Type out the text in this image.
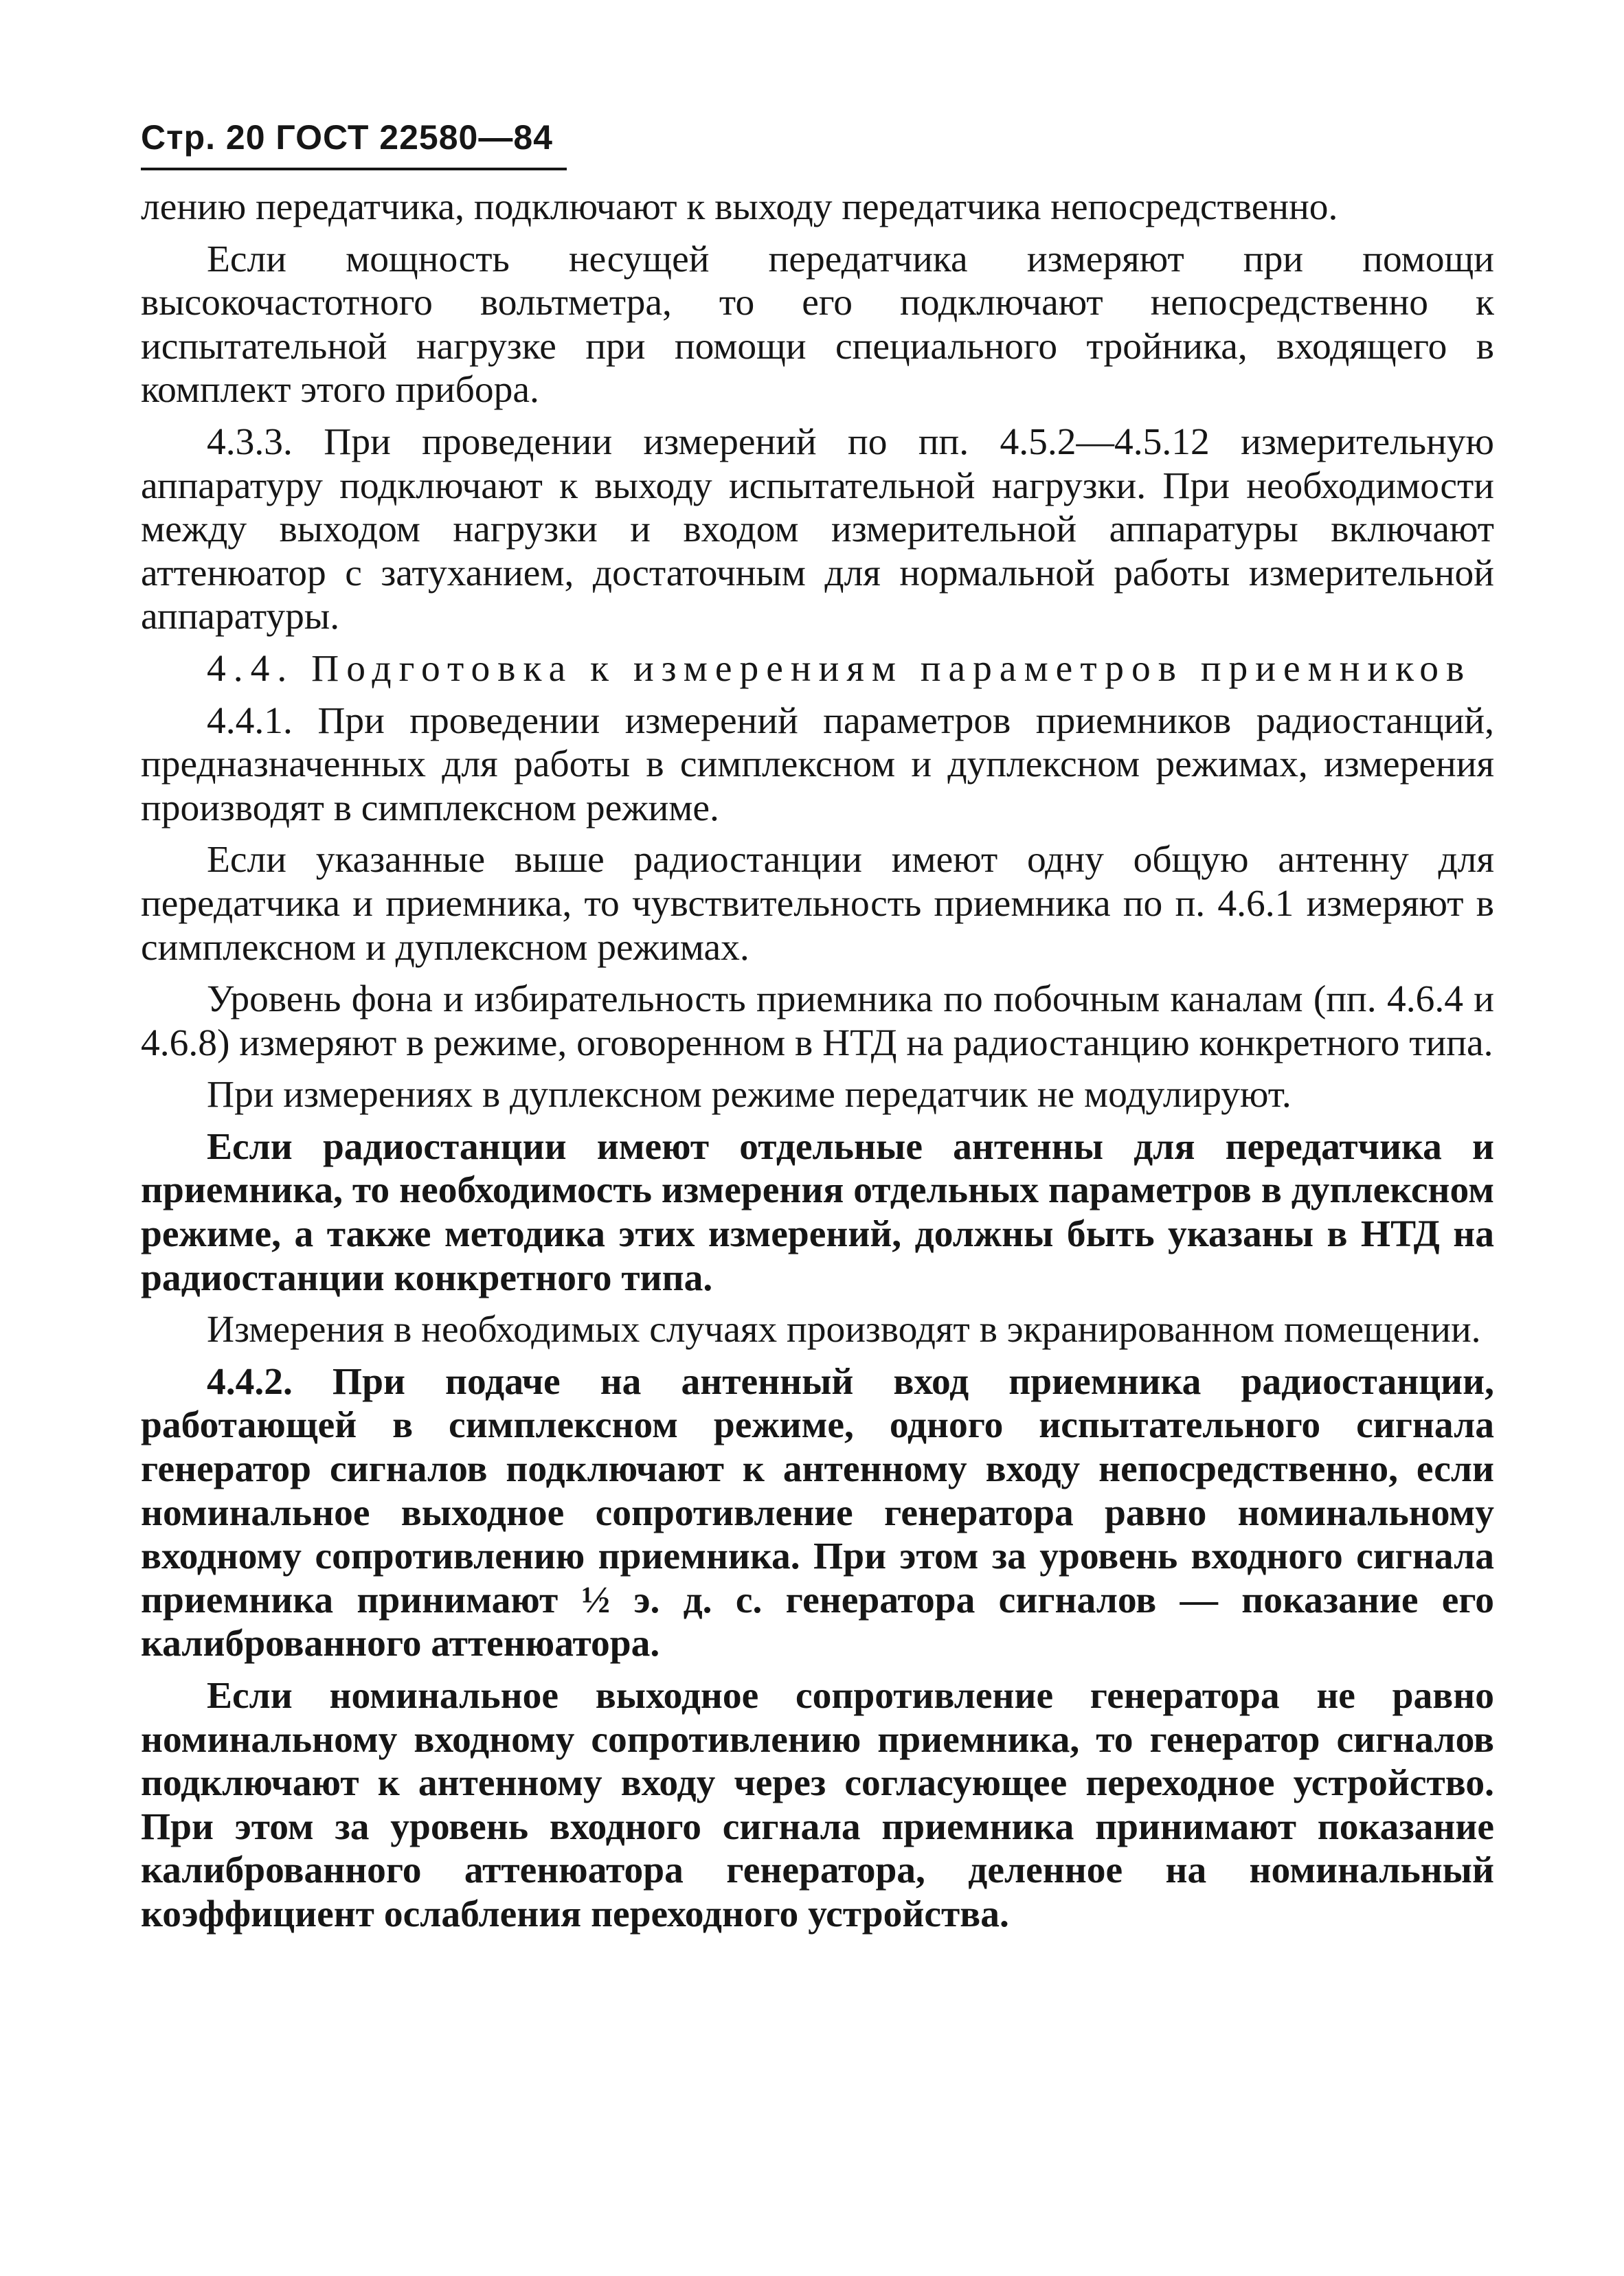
Стр. 20 ГОСТ 22580—84

лению передатчика, подключают к выходу передатчика непосредственно.

Если мощность несущей передатчика измеряют при помощи высокочастотного вольтметра, то его подключают непосредственно к испытательной нагрузке при помощи специального тройника, входящего в комплект этого прибора.

4.3.3. При проведении измерений по пп. 4.5.2—4.5.12 измерительную аппаратуру подключают к выходу испытательной нагрузки. При необходимости между выходом нагрузки и входом измерительной аппаратуры включают аттенюатор с затуханием, достаточным для нормальной работы измерительной аппаратуры.

4.4. Подготовка к измерениям параметров приемников

4.4.1. При проведении измерений параметров приемников радиостанций, предназначенных для работы в симплексном и дуплексном режимах, измерения производят в симплексном режиме.

Если указанные выше радиостанции имеют одну общую антенну для передатчика и приемника, то чувствительность приемника по п. 4.6.1 измеряют в симплексном и дуплексном режимах.

Уровень фона и избирательность приемника по побочным каналам (пп. 4.6.4 и 4.6.8) измеряют в режиме, оговоренном в НТД на радиостанцию конкретного типа.

При измерениях в дуплексном режиме передатчик не модулируют.

Если радиостанции имеют отдельные антенны для передатчика и приемника, то необходимость измерения отдельных параметров в дуплексном режиме, а также методика этих измерений, должны быть указаны в НТД на радиостанции конкретного типа.

Измерения в необходимых случаях производят в экранированном помещении.

4.4.2. При подаче на антенный вход приемника радиостанции, работающей в симплексном режиме, одного испытательного сигнала генератор сигналов подключают к антенному входу непосредственно, если номинальное выходное сопротивление генератора равно номинальному входному сопротивлению приемника. При этом за уровень входного сигнала приемника принимают ½ э. д. с. генератора сигналов — показание его калиброванного аттенюатора.

Если номинальное выходное сопротивление генератора не равно номинальному входному сопротивлению приемника, то генератор сигналов подключают к антенному входу через согласующее переходное устройство. При этом за уровень входного сигнала приемника принимают показание калиброванного аттенюатора генератора, деленное на номинальный коэффициент ослабления переходного устройства.
